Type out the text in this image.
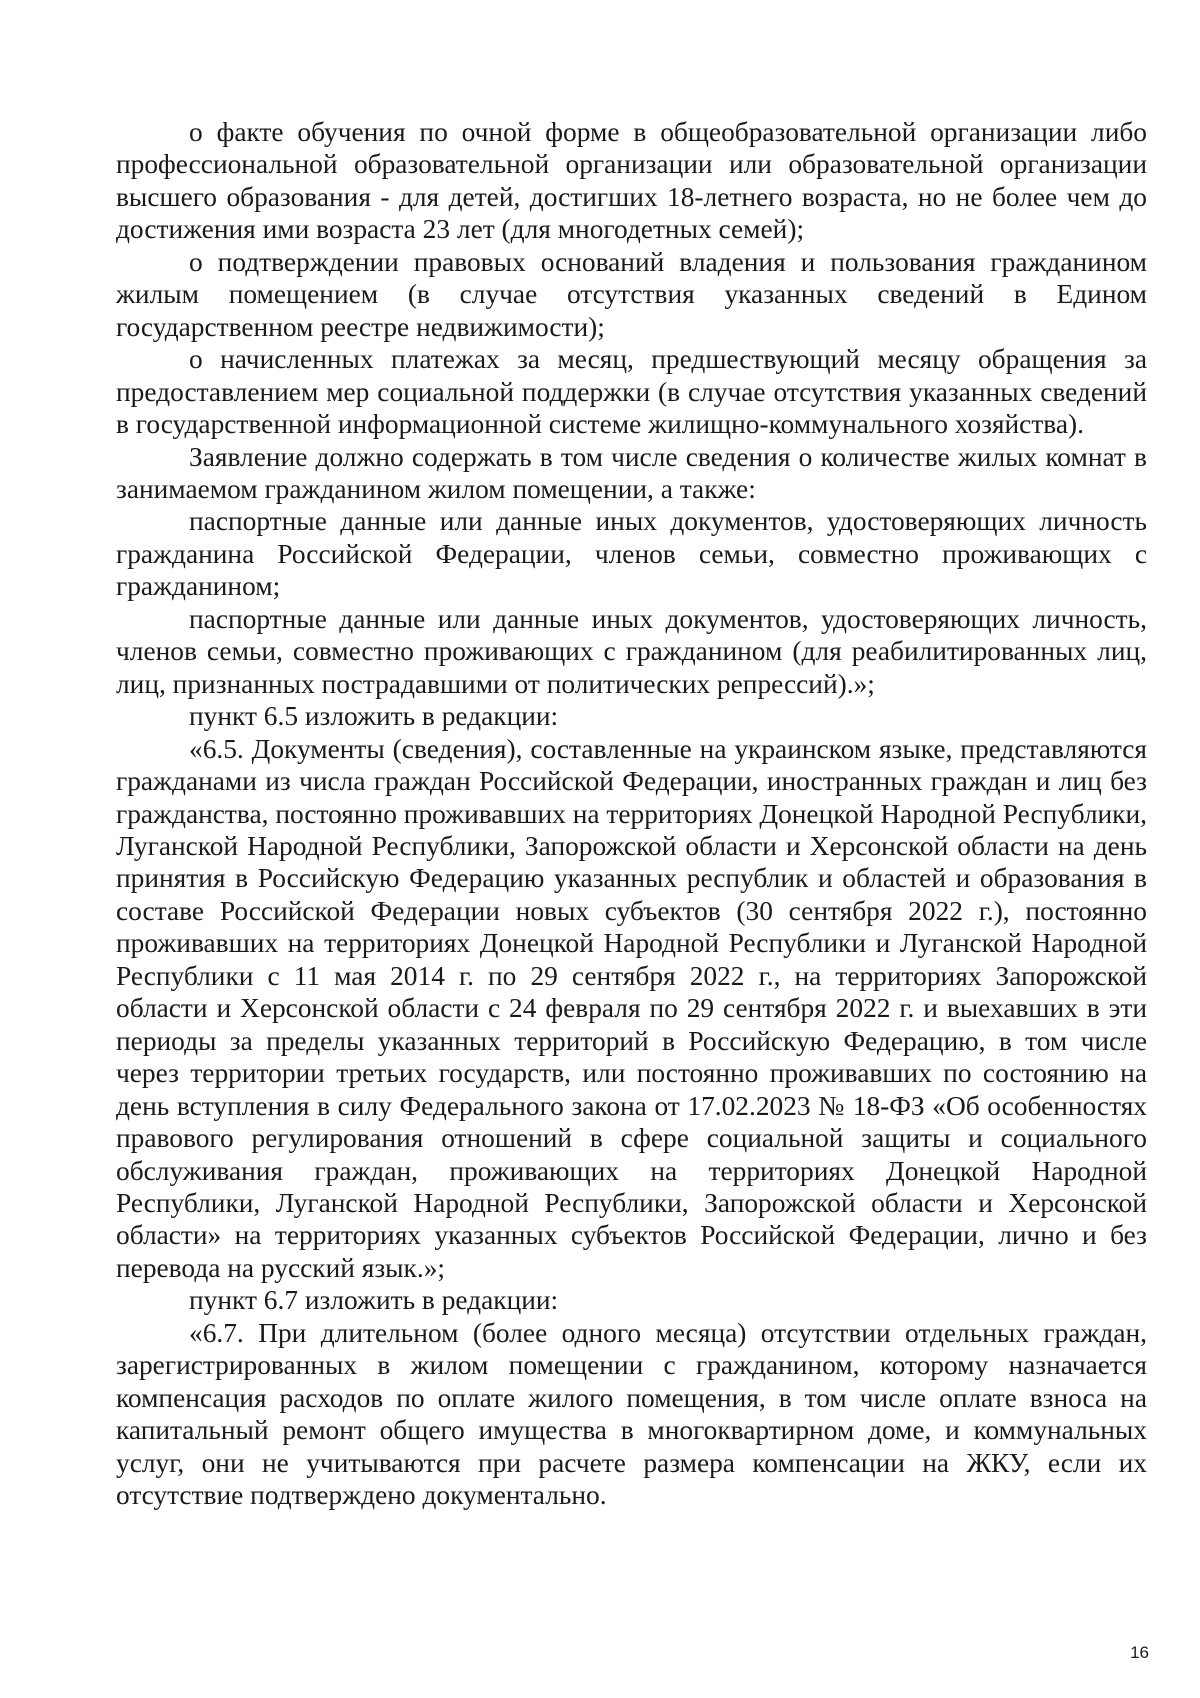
о факте обучения по очной форме в общеобразовательной организации либо профессиональной образовательной организации или образовательной организации высшего образования - для детей, достигших 18-летнего возраста, но не более чем до достижения ими возраста 23 лет (для многодетных семей);

о подтверждении правовых оснований владения и пользования гражданином жилым помещением (в случае отсутствия указанных сведений в Едином государственном реестре недвижимости);

о начисленных платежах за месяц, предшествующий месяцу обращения за предоставлением мер социальной поддержки (в случае отсутствия указанных сведений в государственной информационной системе жилищно-коммунального хозяйства).

Заявление должно содержать в том числе сведения о количестве жилых комнат в занимаемом гражданином жилом помещении, а также:

паспортные данные или данные иных документов, удостоверяющих личность гражданина Российской Федерации, членов семьи, совместно проживающих с гражданином;

паспортные данные или данные иных документов, удостоверяющих личность, членов семьи, совместно проживающих с гражданином (для реабилитированных лиц, лиц, признанных пострадавшими от политических репрессий).»;

пункт 6.5 изложить в редакции:

«6.5. Документы (сведения), составленные на украинском языке, представляются гражданами из числа граждан Российской Федерации, иностранных граждан и лиц без гражданства, постоянно проживавших на территориях Донецкой Народной Республики, Луганской Народной Республики, Запорожской области и Херсонской области на день принятия в Российскую Федерацию указанных республик и областей и образования в составе Российской Федерации новых субъектов (30 сентября 2022 г.), постоянно проживавших на территориях Донецкой Народной Республики и Луганской Народной Республики с 11 мая 2014 г. по 29 сентября 2022 г., на территориях Запорожской области и Херсонской области с 24 февраля по 29 сентября 2022 г. и выехавших в эти периоды за пределы указанных территорий в Российскую Федерацию, в том числе через территории третьих государств, или постоянно проживавших по состоянию на день вступления в силу Федерального закона от 17.02.2023 № 18-ФЗ «Об особенностях правового регулирования отношений в сфере социальной защиты и социального обслуживания граждан, проживающих на территориях Донецкой Народной Республики, Луганской Народной Республики, Запорожской области и Херсонской области» на территориях указанных субъектов Российской Федерации, лично и без перевода на русский язык.»;

пункт 6.7 изложить в редакции:

«6.7. При длительном (более одного месяца) отсутствии отдельных граждан, зарегистрированных в жилом помещении с гражданином, которому назначается компенсация расходов по оплате жилого помещения, в том числе оплате взноса на капитальный ремонт общего имущества в многоквартирном доме, и коммунальных услуг, они не учитываются при расчете размера компенсации на ЖКУ, если их отсутствие подтверждено документально.

16
